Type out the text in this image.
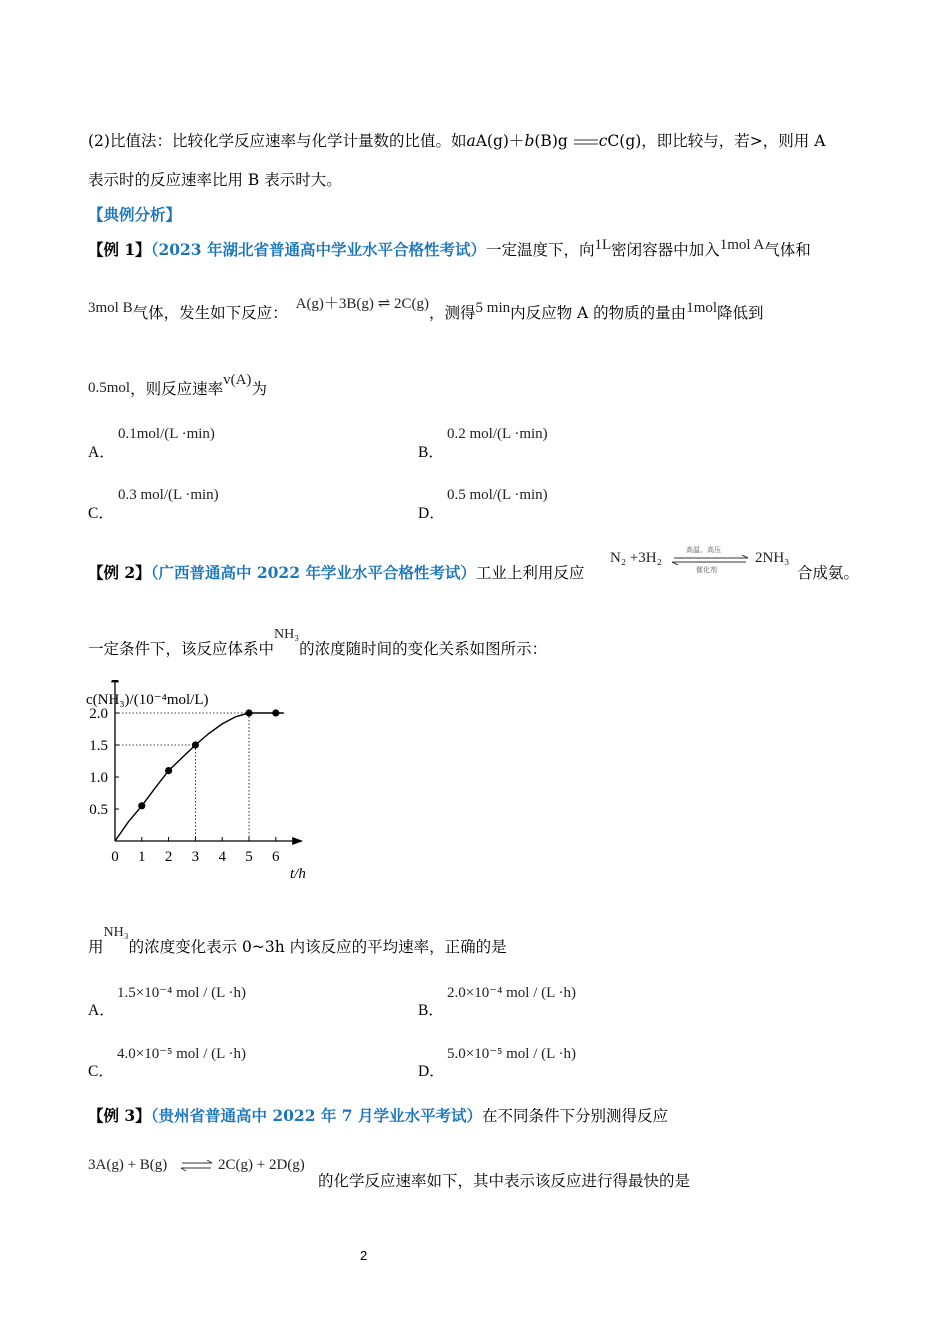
(2)比值法：比较化学反应速率与化学计量数的比值。如aA(g)＋b(B)g cC(g)，即比较与，若>，则用 A
表示时的反应速率比用 B 表示时大。
【典例分析】
【例 1】（2023 年湖北省普通高中学业水平合格性考试）一定温度下，向1L密闭容器中加入1mol A气体和
3mol B气体，发生如下反应： A(g)＋3B(g) ⇌ 2C(g)，测得5 min内反应物 A 的物质的量由1mol降低到
0.5mol，则反应速率v(A)为
A．
0.1mol/(L ·min)
B．
0.2 mol/(L ·min)
C．
0.3 mol/(L ·min)
D．
0.5 mol/(L ·min)
【例 2】（广西普通高中 2022 年学业水平合格性考试）工业上利用反应
N₂ +3H₂	高温、高压
催化剂
2NH₃
合成氨。
一定条件下，该反应体系中NH₃的浓度随时间的变化关系如图所示：
c(NH₃)/(10⁻⁴mol/L)
t/h
0 1 2 3 4 5 6
0.5
1.0
1.5
2.0
用NH₃的浓度变化表示 0~3h 内该反应的平均速率，正确的是
A．
1.5×10⁻⁴ mol / (L ·h)
B．
2.0×10⁻⁴ mol / (L ·h)
C．
4.0×10⁻⁵ mol / (L ·h)
D．
5.0×10⁻⁵ mol / (L ·h)
【例 3】（贵州省普通高中 2022 年 7 月学业水平考试）在不同条件下分别测得反应
3A(g) + B(g) ⇌ 2C(g) + 2D(g)
的化学反应速率如下，其中表示该反应进行得最快的是
2
